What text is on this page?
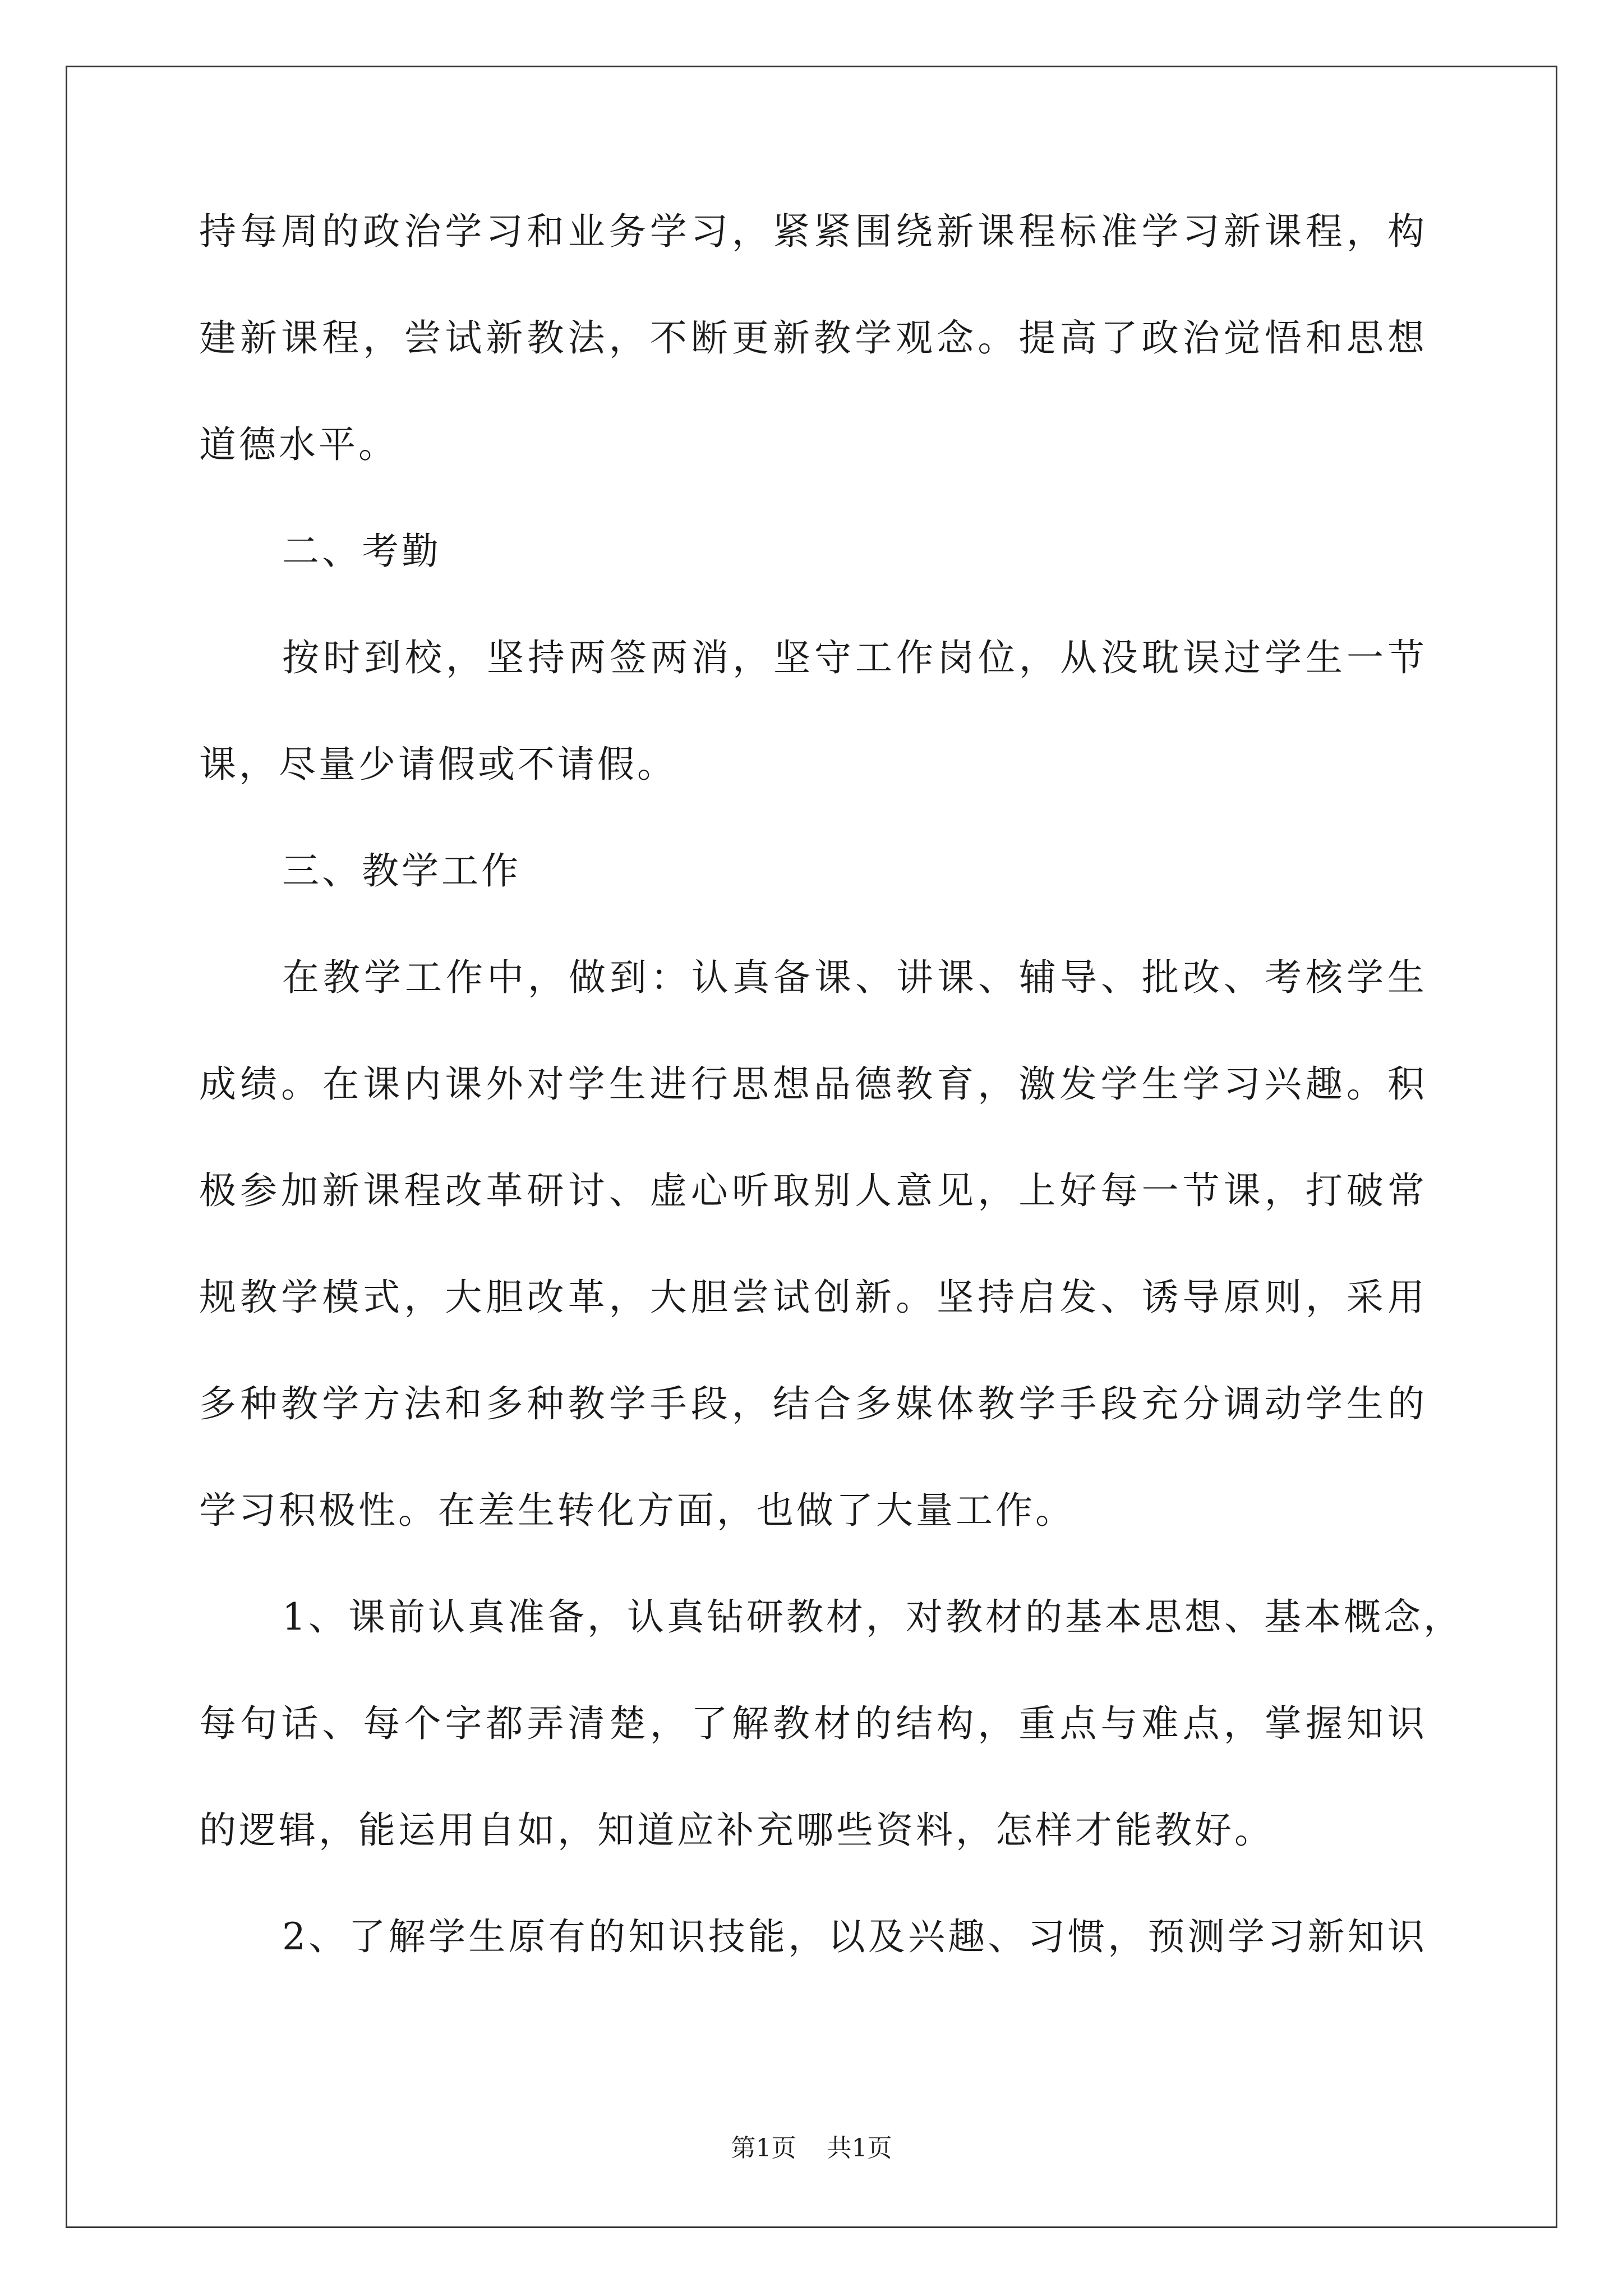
持每周的政治学习和业务学习，紧紧围绕新课程标准学习新课程，构
建新课程，尝试新教法，不断更新教学观念。提高了政治觉悟和思想
道德水平。
二、考勤
按时到校，坚持两签两消，坚守工作岗位，从没耽误过学生一节
课，尽量少请假或不请假。
三、教学工作
在教学工作中，做到：认真备课、讲课、辅导、批改、考核学生
成绩。在课内课外对学生进行思想品德教育，激发学生学习兴趣。积
极参加新课程改革研讨、虚心听取别人意见，上好每一节课，打破常
规教学模式，大胆改革，大胆尝试创新。坚持启发、诱导原则，采用
多种教学方法和多种教学手段，结合多媒体教学手段充分调动学生的
学习积极性。在差生转化方面，也做了大量工作。
1、课前认真准备，认真钻研教材，对教材的基本思想、基本概念，
每句话、每个字都弄清楚，了解教材的结构，重点与难点，掌握知识
的逻辑，能运用自如，知道应补充哪些资料，怎样才能教好。
2、了解学生原有的知识技能，以及兴趣、习惯，预测学习新知识
第1页 共1页
